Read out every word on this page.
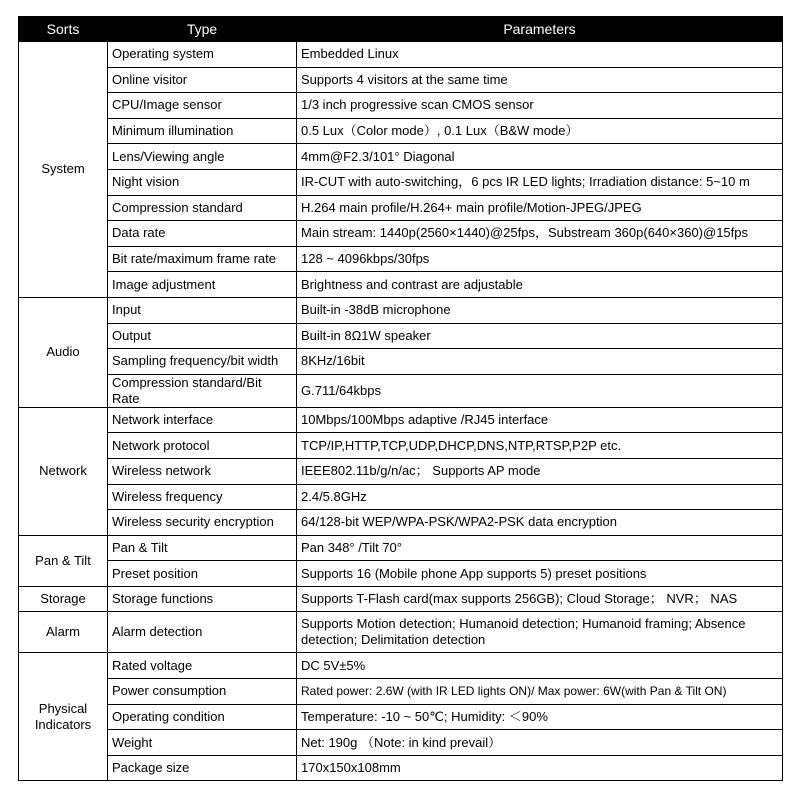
Sorts	Type	Parameters
System	Operating system	Embedded Linux
	Online visitor	Supports 4 visitors at the same time
	CPU/Image sensor	1/3 inch progressive scan CMOS sensor
	Minimum illumination	0.5 Lux（Color mode）, 0.1 Lux（B&W mode）
	Lens/Viewing angle	4mm@F2.3/101° Diagonal
	Night vision	IR-CUT with auto-switching，6 pcs IR LED lights; Irradiation distance: 5~10 m
	Compression standard	H.264 main profile/H.264+ main profile/Motion-JPEG/JPEG
	Data rate	Main stream: 1440p(2560×1440)@25fps，Substream 360p(640×360)@15fps
	Bit rate/maximum frame rate	128 ~ 4096kbps/30fps
	Image adjustment	Brightness and contrast are adjustable
Audio	Input	Built-in -38dB microphone
	Output	Built-in 8Ω1W speaker
	Sampling frequency/bit width	8KHz/16bit
	Compression standard/Bit Rate	G.711/64kbps
Network	Network interface	10Mbps/100Mbps adaptive /RJ45 interface
	Network protocol	TCP/IP,HTTP,TCP,UDP,DHCP,DNS,NTP,RTSP,P2P etc.
	Wireless network	IEEE802.11b/g/n/ac； Supports AP mode
	Wireless frequency	2.4/5.8GHz
	Wireless security encryption	64/128-bit WEP/WPA-PSK/WPA2-PSK data encryption
Pan & Tilt	Pan & Tilt	Pan 348° /Tilt 70°
	Preset position	Supports 16 (Mobile phone App supports 5) preset positions
Storage	Storage functions	Supports T-Flash card(max supports 256GB); Cloud Storage； NVR； NAS
Alarm	Alarm detection	Supports Motion detection; Humanoid detection; Humanoid framing; Absence detection; Delimitation detection
Physical Indicators	Rated voltage	DC 5V±5%
	Power consumption	Rated power: 2.6W (with IR LED lights ON)/ Max power: 6W(with Pan & Tilt ON)
	Operating condition	Temperature: -10 ~ 50℃; Humidity: ＜90%
	Weight	Net: 190g （Note: in kind prevail）
	Package size	170x150x108mm
